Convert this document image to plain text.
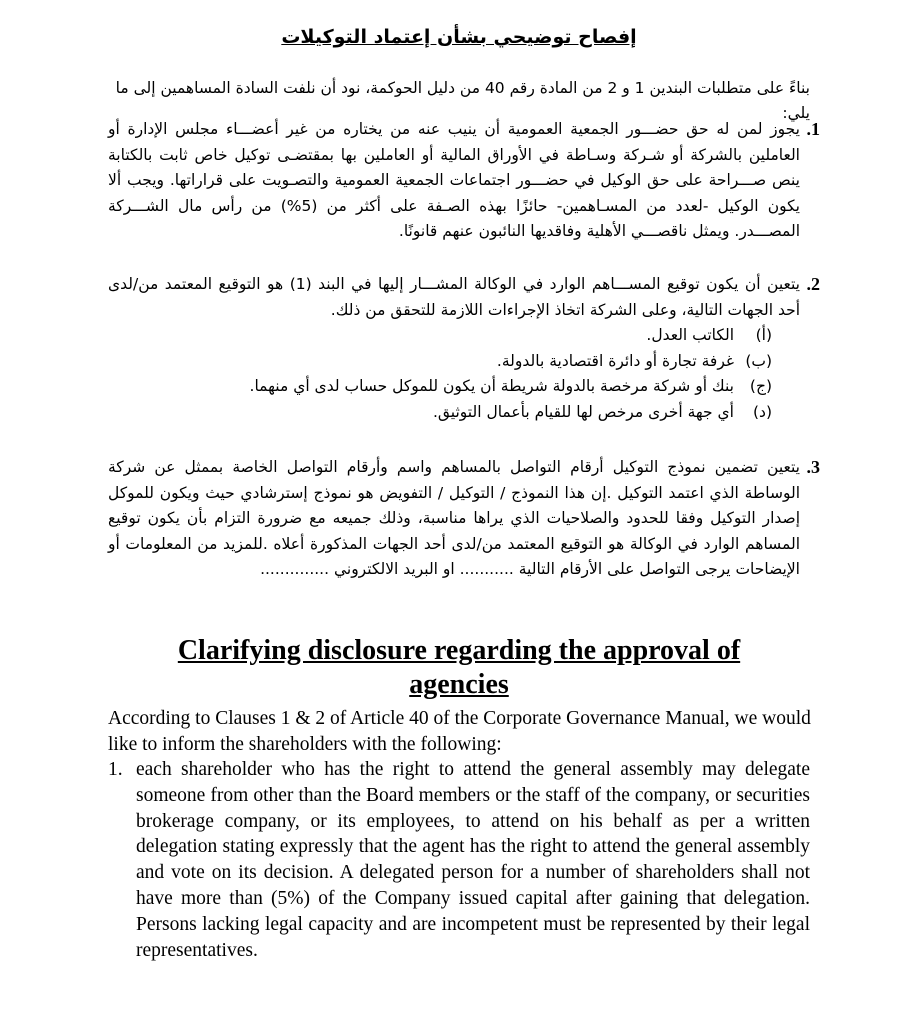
إفصاح توضيحي بشأن إعتماد التوكيلات

بناءً على متطلبات البندين 1 و 2 من المادة رقم 40 من دليل الحوكمة، نود أن نلفت السادة المساهمين إلى ما يلي:

1.
يجوز لمن له حق حضـــور الجمعية العمومية أن ينيب عنه من يختاره من غير أعضـــاء مجلس الإدارة أو العاملين بالشركة أو شـركة وسـاطة في الأوراق المالية أو العاملين بها بمقتضـى توكيل خاص ثابت بالكتابة ينص صـــراحة على حق الوكيل في حضـــور اجتماعات الجمعية العمومية والتصـويت على قراراتها. ويجب ألا يكون الوكيل -لعدد من المسـاهمين- حائزًا بهذه الصـفة على أكثر من (5%) من رأس مال الشـــركة المصـــدر. ويمثل ناقصـــي الأهلية وفاقديها النائبون عنهم قانونًا.
2.
يتعين أن يكون توقيع المســـاهم الوارد في الوكالة المشـــار إليها في البند (1) هو التوقيع المعتمد من/لدى أحد الجهات التالية، وعلى الشركة اتخاذ الإجراءات اللازمة للتحقق من ذلك.
(أ)الكاتب العدل.
(ب)غرفة تجارة أو دائرة اقتصادية بالدولة.
(ج)بنك أو شركة مرخصة بالدولة شريطة أن يكون للموكل حساب لدى أي منهما.
(د)أي جهة أخرى مرخص لها للقيام بأعمال التوثيق.
3.
يتعين تضمين نموذج التوكيل أرقام التواصل بالمساهم واسم وأرقام التواصل الخاصة بممثل عن شركة الوساطة الذي اعتمد التوكيل .إن هذا النموذج / التوكيل / التفويض هو نموذج إسترشادي حيث ويكون للموكل إصدار التوكيل وفقا للحدود والصلاحيات الذي يراها مناسبة، وذلك جميعه مع ضرورة التزام بأن يكون توقيع المساهم الوارد في الوكالة هو التوقيع المعتمد من/لدى أحد الجهات المذكورة أعلاه .للمزيد من المعلومات أو الإيضاحات يرجى التواصل على الأرقام التالية ........... او البريد الالكتروني ..............
Clarifying disclosure regarding the approval of
agencies

According to Clauses 1 & 2 of Article 40 of the Corporate Governance Manual, we would like to inform the shareholders with the following:

1. each shareholder who has the right to attend the general assembly may delegate someone from other than the Board members or the staff of the company, or securities brokerage company, or its employees, to attend on his behalf as per a written delegation stating expressly that the agent has the right to attend the general assembly and vote on its decision. A delegated person for a number of shareholders shall not have more than (5%) of the Company issued capital after gaining that delegation. Persons lacking legal capacity and are incompetent must be represented by their legal representatives.
